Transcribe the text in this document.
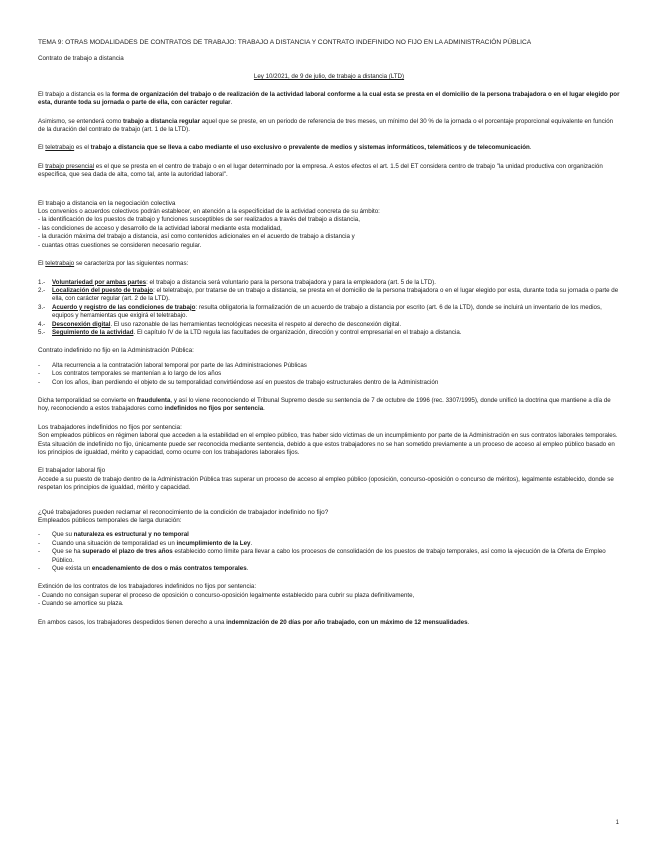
TEMA 9: OTRAS MODALIDADES DE CONTRATOS DE TRABAJO: TRABAJO A DISTANCIA Y CONTRATO INDEFINIDO NO FIJO EN LA ADMINISTRACIÓN PÚBLICA

Contrato de trabajo a distancia

Ley 10/2021, de 9 de julio, de trabajo a distancia (LTD)

El trabajo a distancia es la forma de organización del trabajo o de realización de la actividad laboral conforme a la cual esta se presta en el domicilio de la persona trabajadora o en el lugar elegido por esta, durante toda su jornada o parte de ella, con carácter regular.

Asimismo, se entenderá como trabajo a distancia regular aquel que se preste, en un periodo de referencia de tres meses, un mínimo del 30 % de la jornada o el porcentaje proporcional equivalente en función de la duración del contrato de trabajo (art. 1 de la LTD).

El teletrabajo es el trabajo a distancia que se lleva a cabo mediante el uso exclusivo o prevalente de medios y sistemas informáticos, telemáticos y de telecomunicación.

El trabajo presencial es el que se presta en el centro de trabajo o en el lugar determinado por la empresa. A estos efectos el art. 1.5 del ET considera centro de trabajo "la unidad productiva con organización específica, que sea dada de alta, como tal, ante la autoridad laboral".

El trabajo a distancia en la negociación colectiva

Los convenios o acuerdos colectivos podrán establecer, en atención a la especificidad de la actividad concreta de su ámbito:

- la identificación de los puestos de trabajo y funciones susceptibles de ser realizados a través del trabajo a distancia,

- las condiciones de acceso y desarrollo de la actividad laboral mediante esta modalidad,

- la duración máxima del trabajo a distancia, así como contenidos adicionales en el acuerdo de trabajo a distancia y

- cuantas otras cuestiones se consideren necesario regular.

El teletrabajo se caracteriza por las siguientes normas:

1.- Voluntariedad por ambas partes: el trabajo a distancia será voluntario para la persona trabajadora y para la empleadora (art. 5 de la LTD).
2.- Localización del puesto de trabajo: el teletrabajo, por tratarse de un trabajo a distancia, se presta en el domicilio de la persona trabajadora o en el lugar elegido por esta, durante toda su jornada o parte de ella, con carácter regular (art. 2 de la LTD).
3.- Acuerdo y registro de las condiciones de trabajo: resulta obligatoria la formalización de un acuerdo de trabajo a distancia por escrito (art. 6 de la LTD), donde se incluirá un inventario de los medios, equipos y herramientas que exigirá el teletrabajo.
4.- Desconexión digital. El uso razonable de las herramientas tecnológicas necesita el respeto al derecho de desconexión digital.
5.- Seguimiento de la actividad. El capítulo IV de la LTD regula las facultades de organización, dirección y control empresarial en el trabajo a distancia.

Contrato indefinido no fijo en la Administración Pública:

- Alta recurrencia a la contratación laboral temporal por parte de las Administraciones Públicas
- Los contratos temporales se mantenían a lo largo de los años
- Con los años, iban perdiendo el objeto de su temporalidad convirtiéndose así en puestos de trabajo estructurales dentro de la Administración

Dicha temporalidad se convierte en fraudulenta, y así lo viene reconociendo el Tribunal Supremo desde su sentencia de 7 de octubre de 1996 (rec. 3307/1995), donde unificó la doctrina que mantiene a día de hoy, reconociendo a estos trabajadores como indefinidos no fijos por sentencia.

Los trabajadores indefinidos no fijos por sentencia:

Son empleados públicos en régimen laboral que acceden a la estabilidad en el empleo público, tras haber sido víctimas de un incumplimiento por parte de la Administración en sus contratos laborales temporales. Esta situación de indefinido no fijo, únicamente puede ser reconocida mediante sentencia, debido a que estos trabajadores no se han sometido previamente a un proceso de acceso al empleo público basado en los principios de igualdad, mérito y capacidad, como ocurre con los trabajadores laborales fijos.

El trabajador laboral fijo

Accede a su puesto de trabajo dentro de la Administración Pública tras superar un proceso de acceso al empleo público (oposición, concurso-oposición o concurso de méritos), legalmente establecido, donde se respetan los principios de igualdad, mérito y capacidad.

¿Qué trabajadores pueden reclamar el reconocimiento de la condición de trabajador indefinido no fijo?

Empleados públicos temporales de larga duración:

- Que su naturaleza es estructural y no temporal
- Cuando una situación de temporalidad es un incumplimiento de la Ley.
- Que se ha superado el plazo de tres años establecido como límite para llevar a cabo los procesos de consolidación de los puestos de trabajo temporales, así como la ejecución de la Oferta de Empleo Público.
- Que exista un encadenamiento de dos o más contratos temporales.

Extinción de los contratos de los trabajadores indefinidos no fijos por sentencia:

- Cuando no consigan superar el proceso de oposición o concurso-oposición legalmente establecido para cubrir su plaza definitivamente,

- Cuando se amortice su plaza.

En ambos casos, los trabajadores despedidos tienen derecho a una indemnización de 20 días por año trabajado, con un máximo de 12 mensualidades.

1
